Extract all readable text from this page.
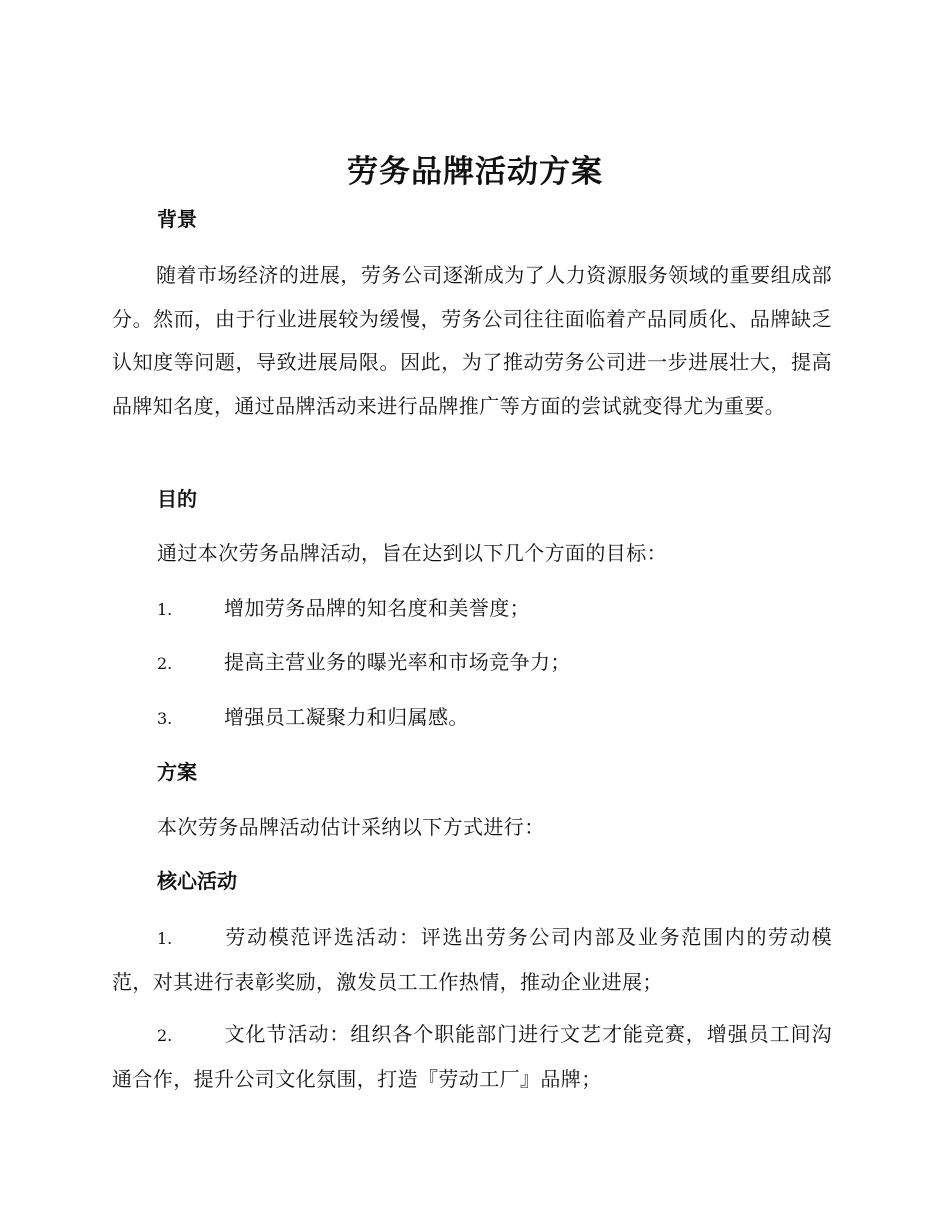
劳务品牌活动方案
背景
随着市场经济的进展，劳务公司逐渐成为了人力资源服务领域的重要组成部分。然而，由于行业进展较为缓慢，劳务公司往往面临着产品同质化、品牌缺乏认知度等问题，导致进展局限。因此，为了推动劳务公司进一步进展壮大，提高品牌知名度，通过品牌活动来进行品牌推广等方面的尝试就变得尤为重要。
目的
通过本次劳务品牌活动，旨在达到以下几个方面的目标：
1.	增加劳务品牌的知名度和美誉度；
2.	提高主营业务的曝光率和市场竞争力；
3.	增强员工凝聚力和归属感。
方案
本次劳务品牌活动估计采纳以下方式进行：
核心活动
1.	劳动模范评选活动：评选出劳务公司内部及业务范围内的劳动模范，对其进行表彰奖励，激发员工工作热情，推动企业进展；
2.	文化节活动：组织各个职能部门进行文艺才能竞赛，增强员工间沟通合作，提升公司文化氛围，打造『劳动工厂』品牌；
